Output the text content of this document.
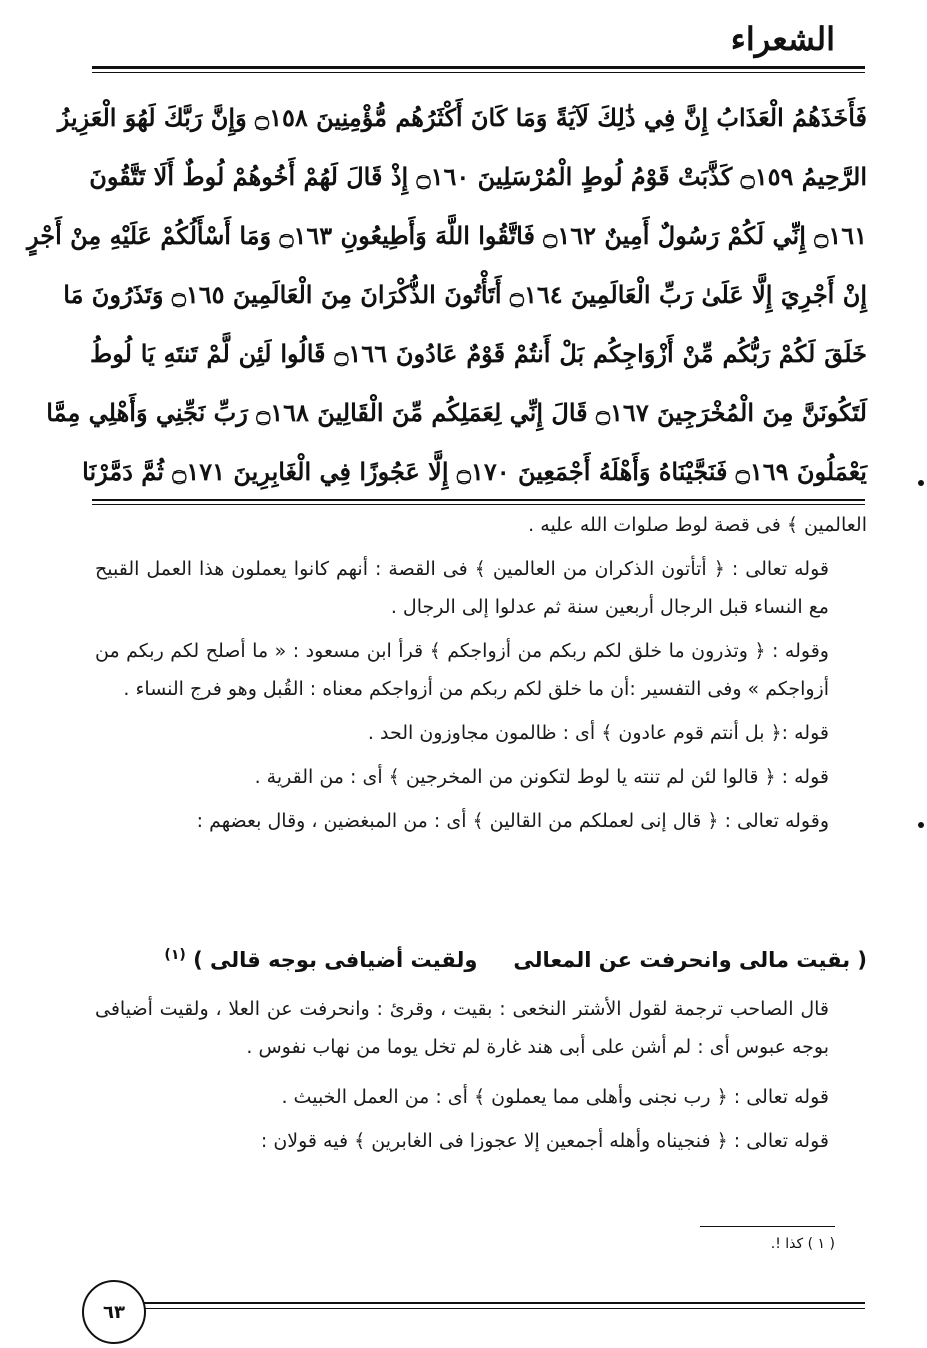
الشعراء
فَأَخَذَهُمُ الْعَذَابُ إِنَّ فِي ذَٰلِكَ لَآيَةً وَمَا كَانَ أَكْثَرُهُم مُّؤْمِنِينَ ۝١٥٨ وَإِنَّ رَبَّكَ لَهُوَ الْعَزِيزُ
الرَّحِيمُ ۝١٥٩ كَذَّبَتْ قَوْمُ لُوطٍ الْمُرْسَلِينَ ۝١٦٠ إِذْ قَالَ لَهُمْ أَخُوهُمْ لُوطٌ أَلَا تَتَّقُونَ
۝١٦١ إِنِّي لَكُمْ رَسُولٌ أَمِينٌ ۝١٦٢ فَاتَّقُوا اللَّهَ وَأَطِيعُونِ ۝١٦٣ وَمَا أَسْأَلُكُمْ عَلَيْهِ مِنْ أَجْرٍ
إِنْ أَجْرِيَ إِلَّا عَلَىٰ رَبِّ الْعَالَمِينَ ۝١٦٤ أَتَأْتُونَ الذُّكْرَانَ مِنَ الْعَالَمِينَ ۝١٦٥ وَتَذَرُونَ مَا
خَلَقَ لَكُمْ رَبُّكُم مِّنْ أَزْوَاجِكُم بَلْ أَنتُمْ قَوْمٌ عَادُونَ ۝١٦٦ قَالُوا لَئِن لَّمْ تَنتَهِ يَا لُوطُ
لَتَكُونَنَّ مِنَ الْمُخْرَجِينَ ۝١٦٧ قَالَ إِنِّي لِعَمَلِكُم مِّنَ الْقَالِينَ ۝١٦٨ رَبِّ نَجِّنِي وَأَهْلِي مِمَّا
يَعْمَلُونَ ۝١٦٩ فَنَجَّيْنَاهُ وَأَهْلَهُ أَجْمَعِينَ ۝١٧٠ إِلَّا عَجُوزًا فِي الْغَابِرِينَ ۝١٧١ ثُمَّ دَمَّرْنَا

العالمين ﴾ فى قصة لوط صلوات الله عليه .

قوله تعالى : ﴿ أتأتون الذكران من العالمين ﴾ فى القصة : أنهم كانوا يعملون هذا العمل القبيح مع النساء قبل الرجال أربعين سنة ثم عدلوا إلى الرجال .

وقوله : ﴿ وتذرون ما خلق لكم ربكم من أزواجكم ﴾ قرأ ابن مسعود : « ما أصلح لكم ربكم من أزواجكم » وفى التفسير :أن ما خلق لكم ربكم من أزواجكم معناه : القُبل وهو فرج النساء .

قوله :﴿ بل أنتم قوم عادون ﴾ أى : ظالمون مجاوزون الحد .

قوله : ﴿ قالوا لئن لم تنته يا لوط لتكونن من المخرجين ﴾ أى : من القرية .

وقوله تعالى : ﴿ قال إنى لعملكم من القالين ﴾ أى : من المبغضين ، وقال بعضهم :

( بقيت مالى وانحرفت عن المعالىولقيت أضيافى بوجه قالى ) $^{(١)}$

قال الصاحب ترجمة لقول الأشتر النخعى : بقيت ، وقرئ : وانحرفت عن العلا ، ولقيت أضيافى بوجه عبوس أى : لم أشن على أبى هند غارة لم تخل يوما من نهاب نفوس .

قوله تعالى : ﴿ رب نجنى وأهلى مما يعملون ﴾ أى : من العمل الخبيث .

قوله تعالى : ﴿ فنجيناه وأهله أجمعين إلا عجوزا فى الغابرين ﴾ فيه قولان :

( ١ ) كذا !.
٦٣
